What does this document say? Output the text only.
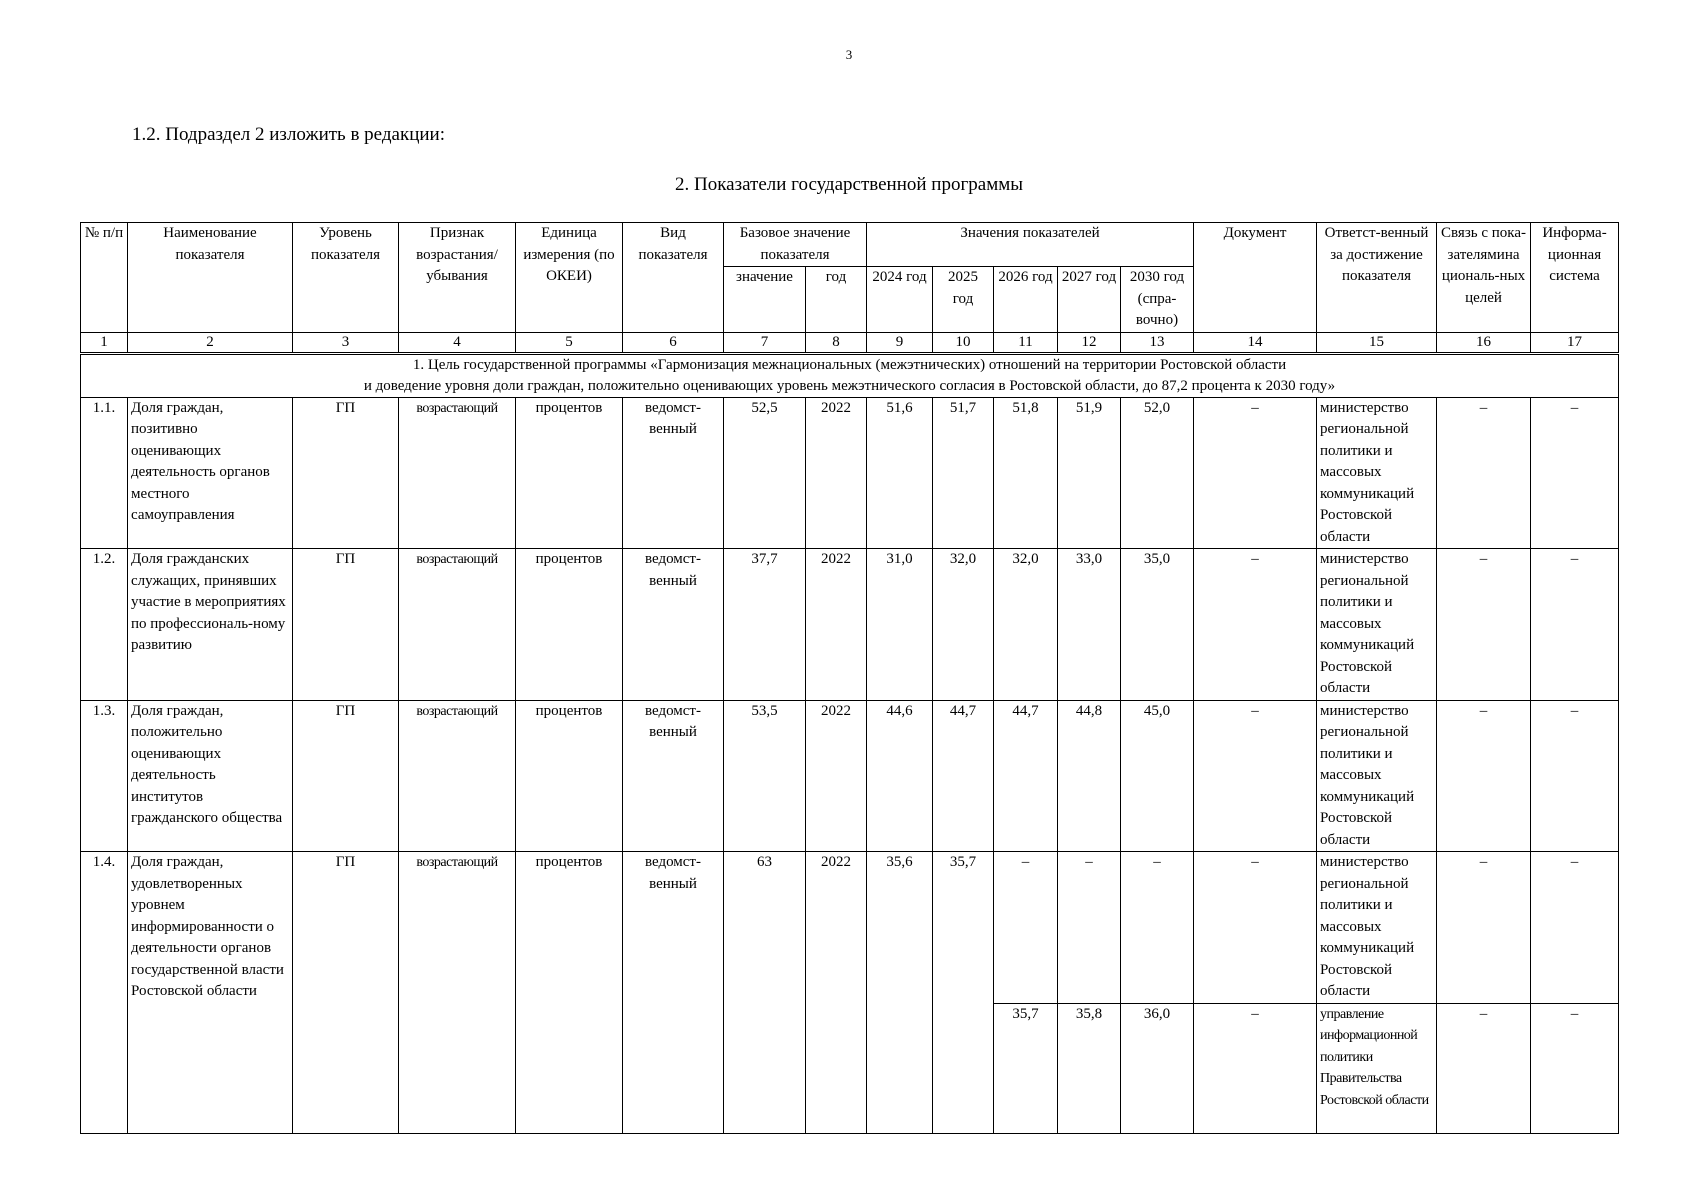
3
1.2. Подраздел 2 изложить в редакции:
2. Показатели государственной программы
№ п/п	Наименование показателя	Уровень показателя	Признак возрастания/ убывания	Единица измерения (по ОКЕИ)	Вид показателя	Базовое значение показателя		Значения показателей					Документ	Ответст-венный за достижение показателя	Связь с пока-зателямина циональ-ных целей	Информа-ционная система
						значение	год	2024 год	2025 год	2026 год	2027 год	2030 год (спра-вочно)				

1	2	3	4	5	6	7	8	9	10	11	12	13	14	15	16	17

1. Цель государственной программы «Гармонизация межнациональных (межэтнических) отношений на территории Ростовской области
и доведение уровня доли граждан, положительно оценивающих уровень межэтнического согласия в Ростовской области, до 87,2 процента к 2030 году»																

1.1.	Доля граждан, позитивно оценивающих деятельность органов местного самоуправления	ГП	возрастающий	процентов	ведомст-венный	52,5	2022	51,6	51,7	51,8	51,9	52,0	–	министерство региональной политики и массовых коммуникаций Ростовской области	–	–
1.2.	Доля гражданских служащих, принявших участие в мероприятиях по профессиональ-ному развитию	ГП	возрастающий	процентов	ведомст-венный	37,7	2022	31,0	32,0	32,0	33,0	35,0	–	министерство региональной политики и массовых коммуникаций Ростовской области	–	–
1.3.	Доля граждан, положительно оценивающих деятельность институтов гражданского общества	ГП	возрастающий	процентов	ведомст-венный	53,5	2022	44,6	44,7	44,7	44,8	45,0	–	министерство региональной политики и массовых коммуникаций Ростовской области	–	–
1.4.	Доля граждан, удовлетворенных уровнем информированности о деятельности органов государственной власти Ростовской области	ГП	возрастающий	процентов	ведомст-венный	63	2022	35,6	35,7	–	–	–	–	министерство региональной политики и массовых коммуникаций Ростовской области	–	–
										35,7	35,8	36,0	–	управление информационной политики Правительства Ростовской области	–	–
